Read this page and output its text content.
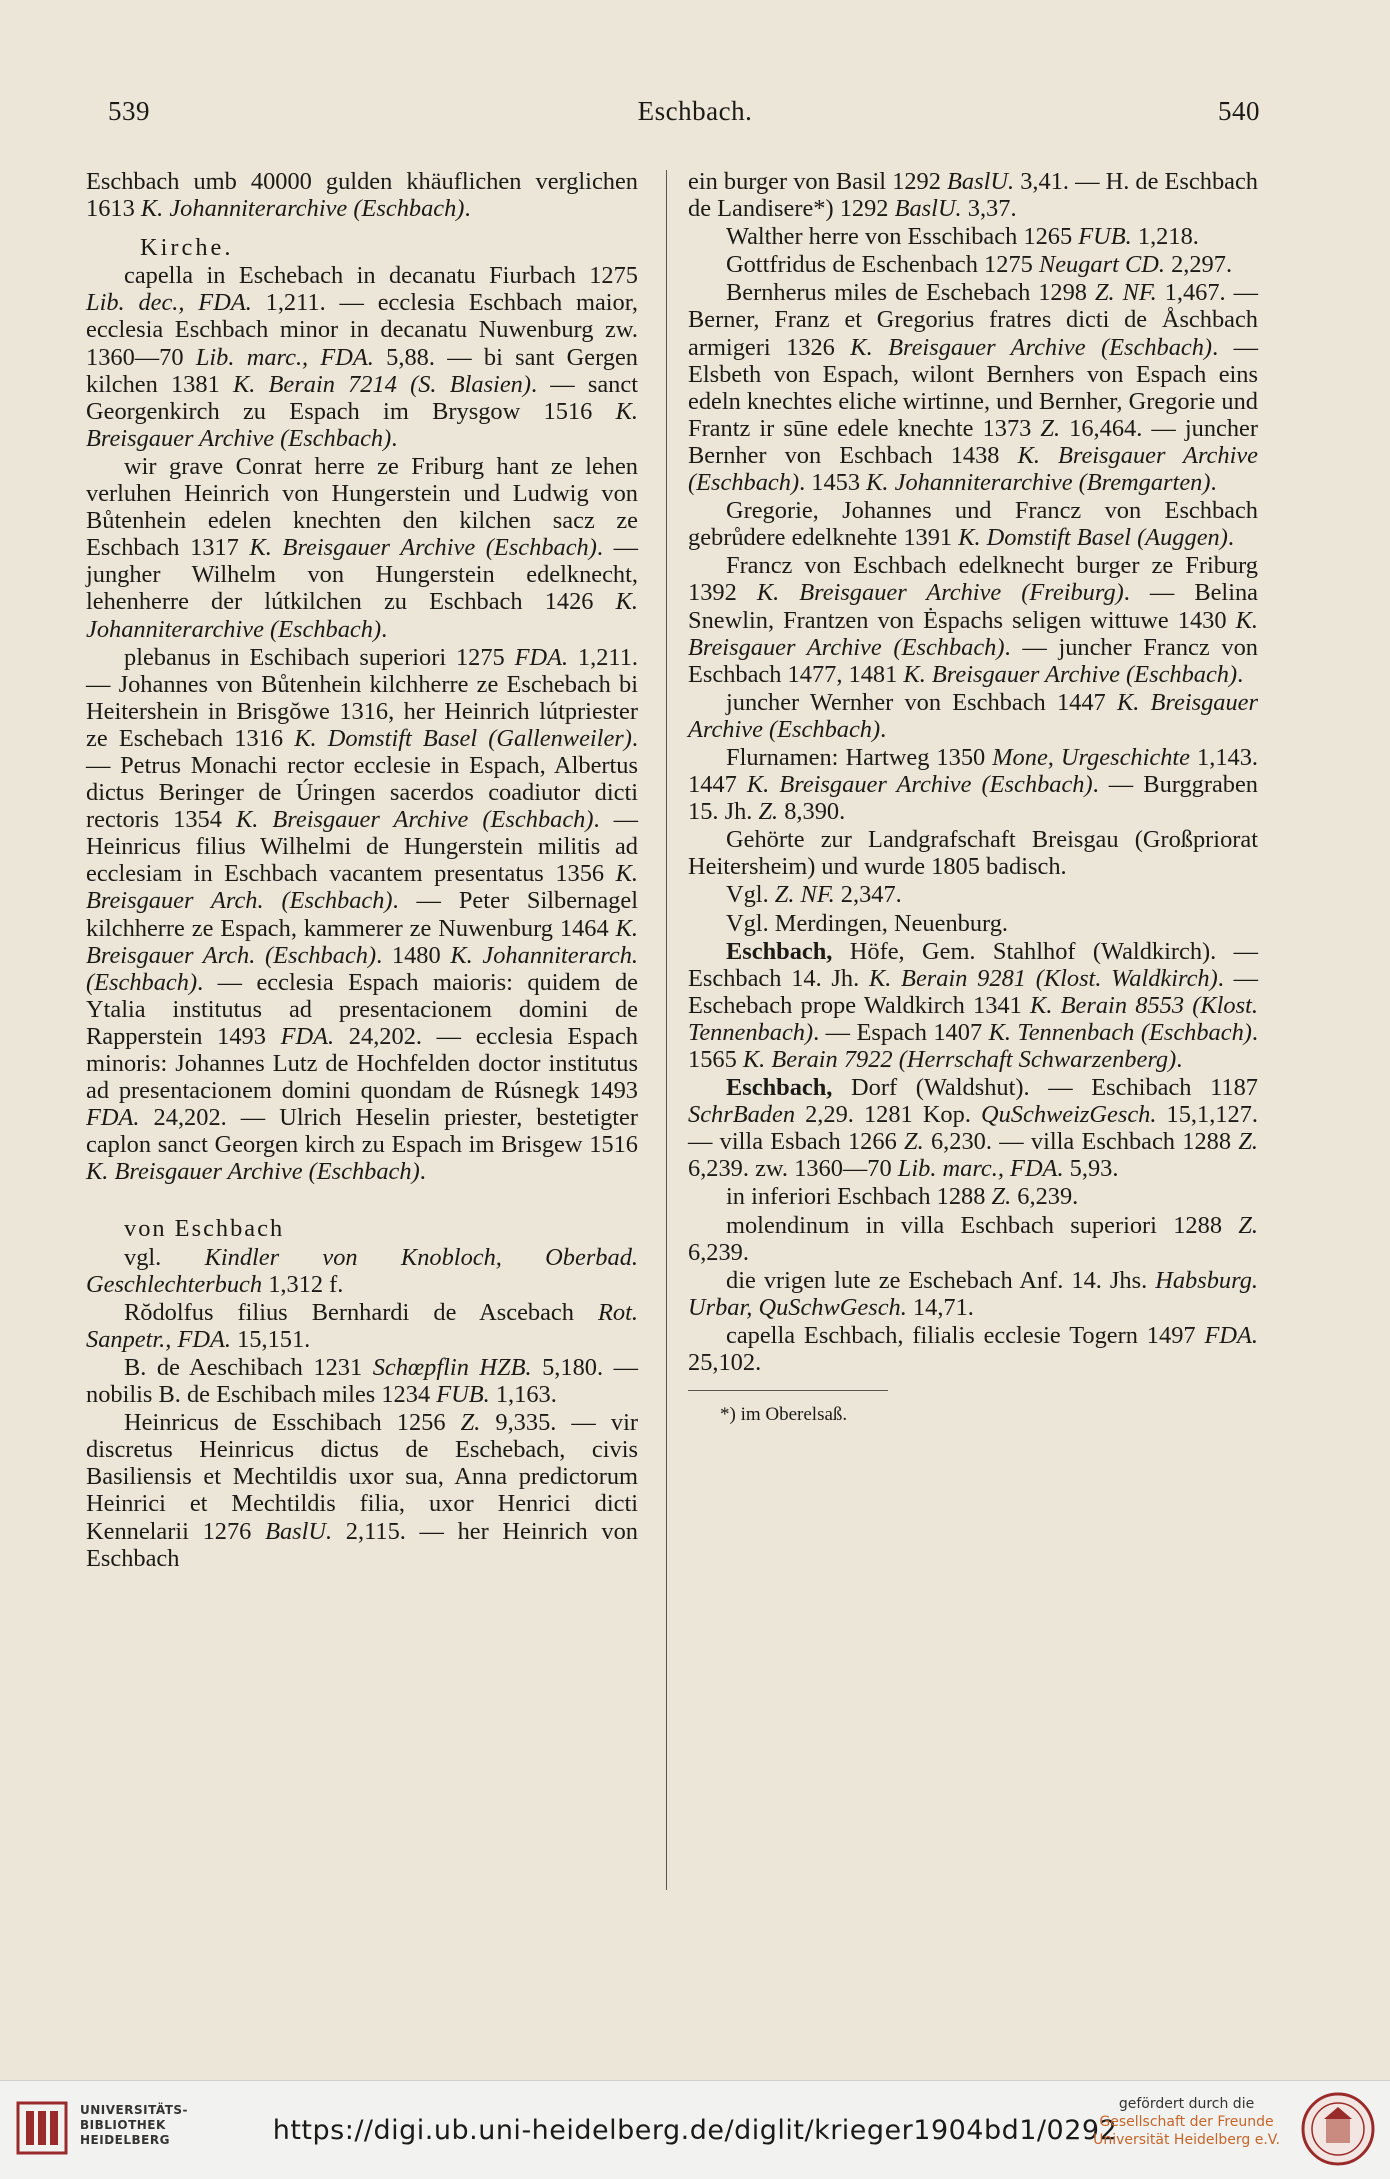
539	Eschbach.	540

Eschbach umb 40000 gulden khäuflichen verglichen 1613 K. Johanniterarchive (Eschbach).

Kirche.

capella in Eschebach in decanatu Fiurbach 1275 Lib. dec., FDA. 1,211. — ecclesia Eschbach maior, ecclesia Eschbach minor in decanatu Nuwenburg zw. 1360—70 Lib. marc., FDA. 5,88. — bi sant Gergen kilchen 1381 K. Berain 7214 (S. Blasien). — sanct Georgenkirch zu Espach im Brysgow 1516 K. Breisgauer Archive (Eschbach).

wir grave Conrat herre ze Friburg hant ze lehen verluhen Heinrich von Hungerstein und Ludwig von Bůtenhein edelen knechten den kilchen sacz ze Eschbach 1317 K. Breisgauer Archive (Eschbach). — jungher Wilhelm von Hungerstein edelknecht, lehenherre der lútkilchen zu Eschbach 1426 K. Johanniterarchive (Eschbach).

plebanus in Eschibach superiori 1275 FDA. 1,211. — Johannes von Bůtenhein kilchherre ze Eschebach bi Heitershein in Brisgŏwe 1316, her Heinrich lútpriester ze Eschebach 1316 K. Domstift Basel (Gallenweiler). — Petrus Monachi rector ecclesie in Espach, Albertus dictus Beringer de Úringen sacerdos coadiutor dicti rectoris 1354 K. Breisgauer Archive (Eschbach). — Heinricus filius Wilhelmi de Hungerstein militis ad ecclesiam in Eschbach vacantem presentatus 1356 K. Breisgauer Arch. (Eschbach). — Peter Silbernagel kilchherre ze Espach, kammerer ze Nuwenburg 1464 K. Breisgauer Arch. (Eschbach). 1480 K. Johanniterarch. (Eschbach). — ecclesia Espach maioris: quidem de Ytalia institutus ad presentacionem domini de Rapperstein 1493 FDA. 24,202. — ecclesia Espach minoris: Johannes Lutz de Hochfelden doctor institutus ad presentacionem domini quondam de Rúsnegk 1493 FDA. 24,202. — Ulrich Heselin priester, bestetigter caplon sanct Georgen kirch zu Espach im Brisgew 1516 K. Breisgauer Archive (Eschbach).

von Eschbach

vgl. Kindler von Knobloch, Oberbad. Geschlechterbuch 1,312 f.

Rŏdolfus filius Bernhardi de Ascebach Rot. Sanpetr., FDA. 15,151.

B. de Aeschibach 1231 Schœpflin HZB. 5,180. — nobilis B. de Eschibach miles 1234 FUB. 1,163.

Heinricus de Esschibach 1256 Z. 9,335. — vir discretus Heinricus dictus de Eschebach, civis Basiliensis et Mechtildis uxor sua, Anna predictorum Heinrici et Mechtildis filia, uxor Henrici dicti Kennelarii 1276 BaslU. 2,115. — her Heinrich von Eschbach

ein burger von Basil 1292 BaslU. 3,41. — H. de Eschbach de Landisere*) 1292 BaslU. 3,37.

Walther herre von Esschibach 1265 FUB. 1,218.

Gottfridus de Eschenbach 1275 Neugart CD. 2,297.

Bernherus miles de Eschebach 1298 Z. NF. 1,467. — Berner, Franz et Gregorius fratres dicti de Åschbach armigeri 1326 K. Breisgauer Archive (Eschbach). — Elsbeth von Espach, wilont Bernhers von Espach eins edeln knechtes eliche wirtinne, und Bernher, Gregorie und Frantz ir sūne edele knechte 1373 Z. 16,464. — juncher Bernher von Eschbach 1438 K. Breisgauer Archive (Eschbach). 1453 K. Johanniterarchive (Bremgarten).

Gregorie, Johannes und Francz von Eschbach gebrůdere edelknehte 1391 K. Domstift Basel (Auggen).

Francz von Eschbach edelknecht burger ze Friburg 1392 K. Breisgauer Archive (Freiburg). — Belina Snewlin, Frantzen von Ėspachs seligen wittuwe 1430 K. Breisgauer Archive (Eschbach). — juncher Francz von Eschbach 1477, 1481 K. Breisgauer Archive (Eschbach).

juncher Wernher von Eschbach 1447 K. Breisgauer Archive (Eschbach).

Flurnamen: Hartweg 1350 Mone, Urgeschichte 1,143. 1447 K. Breisgauer Archive (Eschbach). — Burggraben 15. Jh. Z. 8,390.

Gehörte zur Landgrafschaft Breisgau (Großpriorat Heitersheim) und wurde 1805 badisch.

Vgl. Z. NF. 2,347.

Vgl. Merdingen, Neuenburg.

Eschbach, Höfe, Gem. Stahlhof (Waldkirch). — Eschbach 14. Jh. K. Berain 9281 (Klost. Waldkirch). — Eschebach prope Waldkirch 1341 K. Berain 8553 (Klost. Tennenbach). — Espach 1407 K. Tennenbach (Eschbach). 1565 K. Berain 7922 (Herrschaft Schwarzenberg).

Eschbach, Dorf (Waldshut). — Eschibach 1187 SchrBaden 2,29. 1281 Kop. QuSchweizGesch. 15,1,127. — villa Esbach 1266 Z. 6,230. — villa Eschbach 1288 Z. 6,239. zw. 1360—70 Lib. marc., FDA. 5,93.

in inferiori Eschbach 1288 Z. 6,239.

molendinum in villa Eschbach superiori 1288 Z. 6,239.

die vrigen lute ze Eschebach Anf. 14. Jhs. Habsburg. Urbar, QuSchwGesch. 14,71.

capella Eschbach, filialis ecclesie Togern 1497 FDA. 25,102.

*) im Oberelsaß.
UNIVERSITÄTS-
BIBLIOTHEK
HEIDELBERG	https://digi.ub.uni-heidelberg.de/diglit/krieger1904bd1/0292
gefördert durch die
Gesellschaft der Freunde
Universität Heidelberg e.V.
